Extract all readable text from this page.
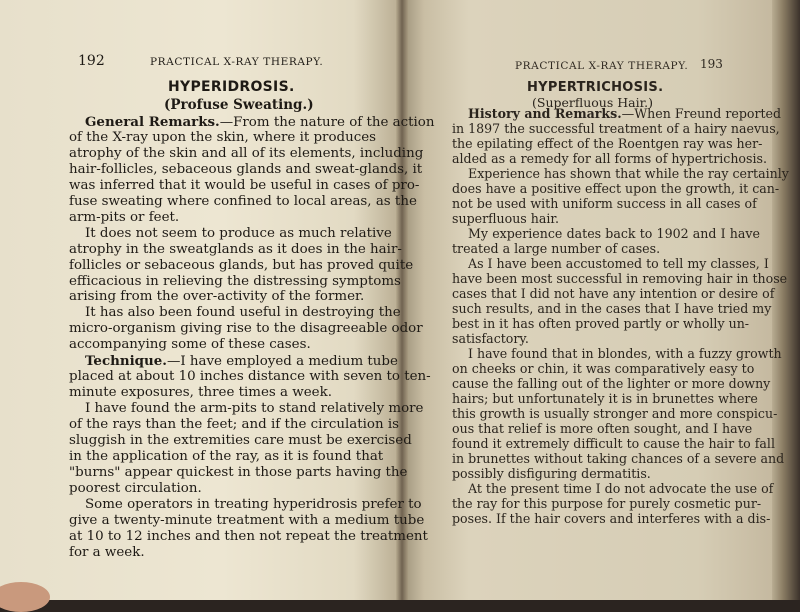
192	PRACTICAL X-RAY THERAPY.
HYPERIDROSIS.
(Profuse Sweating.)
General Remarks.—From the nature of the action
of the X-ray upon the skin, where it produces
atrophy of the skin and all of its elements, including
hair-follicles, sebaceous glands and sweat-glands, it
was inferred that it would be useful in cases of pro-
fuse sweating where confined to local areas, as the
arm-pits or feet.
It does not seem to produce as much relative
atrophy in the sweatglands as it does in the hair-
follicles or sebaceous glands, but has proved quite
efficacious in relieving the distressing symptoms
arising from the over-activity of the former.
It has also been found useful in destroying the
micro-organism giving rise to the disagreeable odor
accompanying some of these cases.
Technique.—I have employed a medium tube
placed at about 10 inches distance with seven to ten-
minute exposures, three times a week.
I have found the arm-pits to stand relatively more
of the rays than the feet; and if the circulation is
sluggish in the extremities care must be exercised
in the application of the ray, as it is found that
"burns" appear quickest in those parts having the
poorest circulation.
Some operators in treating hyperidrosis prefer to
give a twenty-minute treatment with a medium tube
at 10 to 12 inches and then not repeat the treatment
for a week.
PRACTICAL X-RAY THERAPY. 193
HYPERTRICHOSIS.
(Superfluous Hair.)
History and Remarks.—When Freund reported
in 1897 the successful treatment of a hairy naevus,
the epilating effect of the Roentgen ray was her-
alded as a remedy for all forms of hypertrichosis.
Experience has shown that while the ray certainly
does have a positive effect upon the growth, it can-
not be used with uniform success in all cases of
superfluous hair.
My experience dates back to 1902 and I have
treated a large number of cases.
As I have been accustomed to tell my classes, I
have been most successful in removing hair in those
cases that I did not have any intention or desire of
such results, and in the cases that I have tried my
best in it has often proved partly or wholly un-
satisfactory.
I have found that in blondes, with a fuzzy growth
on cheeks or chin, it was comparatively easy to
cause the falling out of the lighter or more downy
hairs; but unfortunately it is in brunettes where
this growth is usually stronger and more conspicu-
ous that relief is more often sought, and I have
found it extremely difficult to cause the hair to fall
in brunettes without taking chances of a severe and
possibly disfiguring dermatitis.
At the present time I do not advocate the use of
the ray for this purpose for purely cosmetic pur-
poses. If the hair covers and interferes with a dis-
